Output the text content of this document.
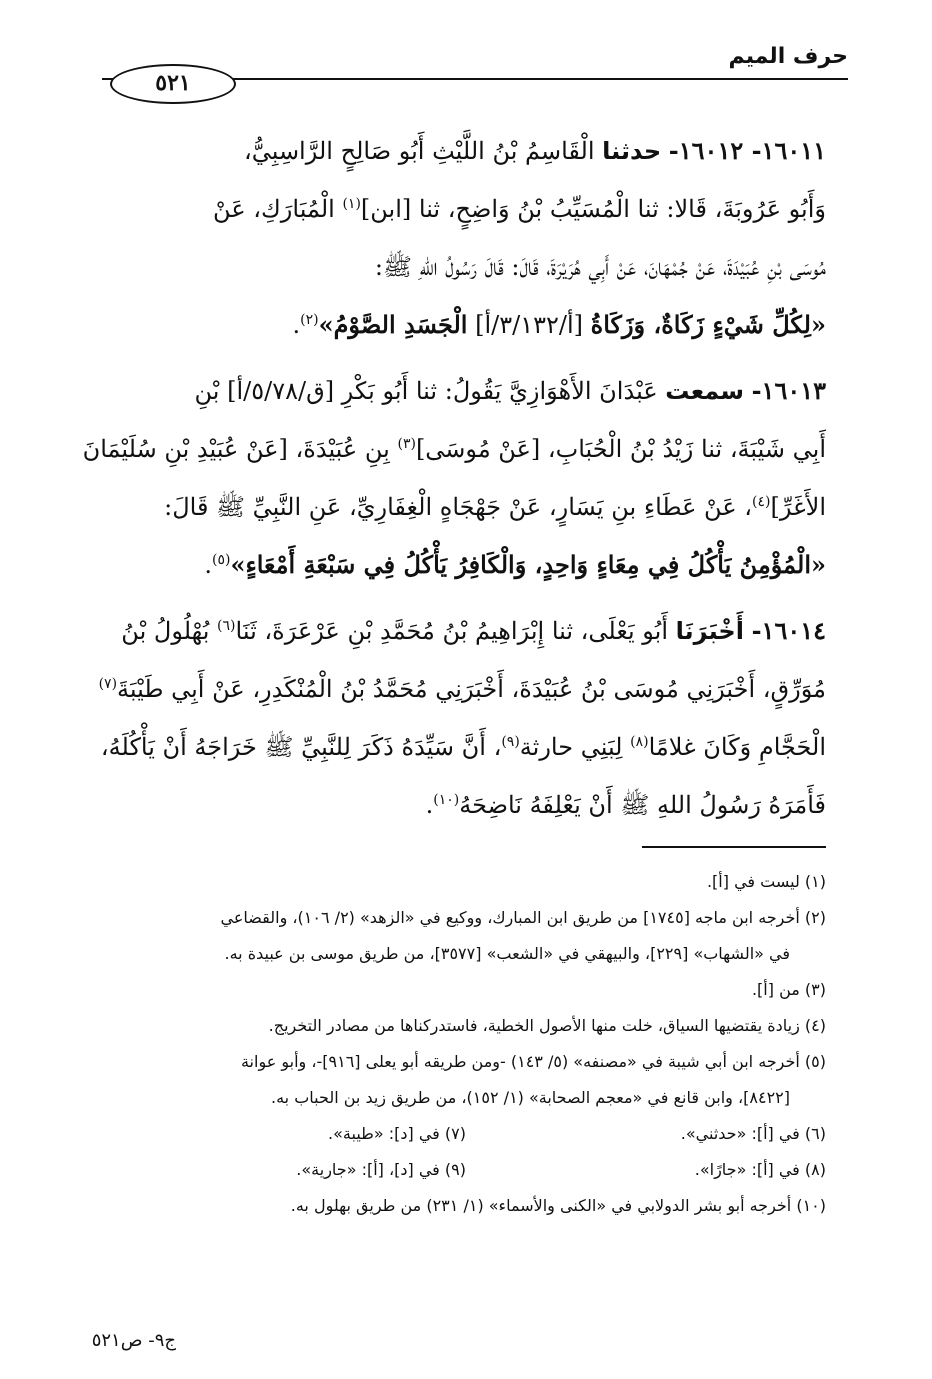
حرف الميم
٥٢١

١٦٠١١- ١٦٠١٢- حدثنا الْقَاسِمُ بْنُ اللَّيْثِ أَبُو صَالِحٍ الرَّاسِبِيُّ،
وَأَبُو عَرُوبَةَ، قَالا: ثنا الْمُسَيِّبُ بْنُ وَاضِحٍ، ثنا [ابن]$^{(١)}$ الْمُبَارَكِ، عَنْ
مُوسَى بْنِ عُبَيْدَةَ، عَنْ جُمْهَانَ، عَنْ أَبِي هُرَيْرَةَ، قَالَ: قَالَ رَسُولُ اللهِ ﷺ:
«لِكُلِّ شَيْءٍ زَكَاةٌ، وَزَكَاةُ [أ/٣/١٣٢/أ] الْجَسَدِ الصَّوْمُ»$^{(٢)}$.

١٦٠١٣- سمعت عَبْدَانَ الأَهْوَازِيَّ يَقُولُ: ثنا أَبُو بَكْرِ [ق/٥/٧٨/أ] بْنِ
أَبِي شَيْبَةَ، ثنا زَيْدُ بْنُ الْحُبَابِ، [عَنْ مُوسَى]$^{(٣)}$ بِنِ عُبَيْدَةَ، [عَنْ عُبَيْدِ بْنِ سُلَيْمَانَ
الأَغَرِّ]$^{(٤)}$، عَنْ عَطَاءِ بنِ يَسَارٍ، عَنْ جَهْجَاهٍ الْغِفَارِيِّ، عَنِ النَّبِيِّ ﷺ قَالَ:
«الْمُؤْمِنُ يَأْكُلُ فِي مِعَاءٍ وَاحِدٍ، وَالْكَافِرُ يَأْكُلُ فِي سَبْعَةِ أَمْعَاءٍ»$^{(٥)}$.

١٦٠١٤- أَخْبَرَنَا أَبُو يَعْلَى، ثنا إِبْرَاهِيمُ بْنُ مُحَمَّدِ بْنِ عَرْعَرَةَ، ثَنَا$^{(٦)}$ بُهْلُولُ بْنُ
مُوَرِّقٍ، أَخْبَرَنِي مُوسَى بْنُ عُبَيْدَةَ، أَخْبَرَنِي مُحَمَّدُ بْنُ الْمُنْكَدِرِ، عَنْ أَبِي طَيْبَةَ$^{(٧)}$
الْحَجَّامِ وَكَانَ غلامًا$^{(٨)}$ لِبَنِي حارثة$^{(٩)}$، أَنَّ سَيِّدَهُ ذَكَرَ لِلنَّبِيِّ ﷺ خَرَاجَهُ أَنْ يَأْكُلَهُ،
فَأَمَرَهُ رَسُولُ اللهِ ﷺ أَنْ يَعْلِفَهُ نَاضِحَهُ$^{(١٠)}$.

(١) ليست في [أ].

(٢) أخرجه ابن ماجه [١٧٤٥] من طريق ابن المبارك، ووكيع في «الزهد» (٢/ ١٠٦)، والقضاعي

في «الشهاب» [٢٢٩]، والبيهقي في «الشعب» [٣٥٧٧]، من طريق موسى بن عبيدة به.

(٣) من [أ].

(٤) زيادة يقتضيها السياق، خلت منها الأصول الخطية، فاستدركناها من مصادر التخريج.

(٥) أخرجه ابن أبي شيبة في «مصنفه» (٥/ ١٤٣) -ومن طريقه أبو يعلى [٩١٦]-، وأبو عوانة

[٨٤٢٢]، وابن قانع في «معجم الصحابة» (١/ ١٥٢)، من طريق زيد بن الحباب به.

(٦) في [أ]: «حدثني».

(٧) في [د]: «طيبة».

(٨) في [أ]: «جارًا».

(٩) في [د]، [أ]: «جارية».

(١٠) أخرجه أبو بشر الدولابي في «الكنى والأسماء» (١/ ٢٣١) من طريق بهلول به.

ج٩- ص٥٢١
